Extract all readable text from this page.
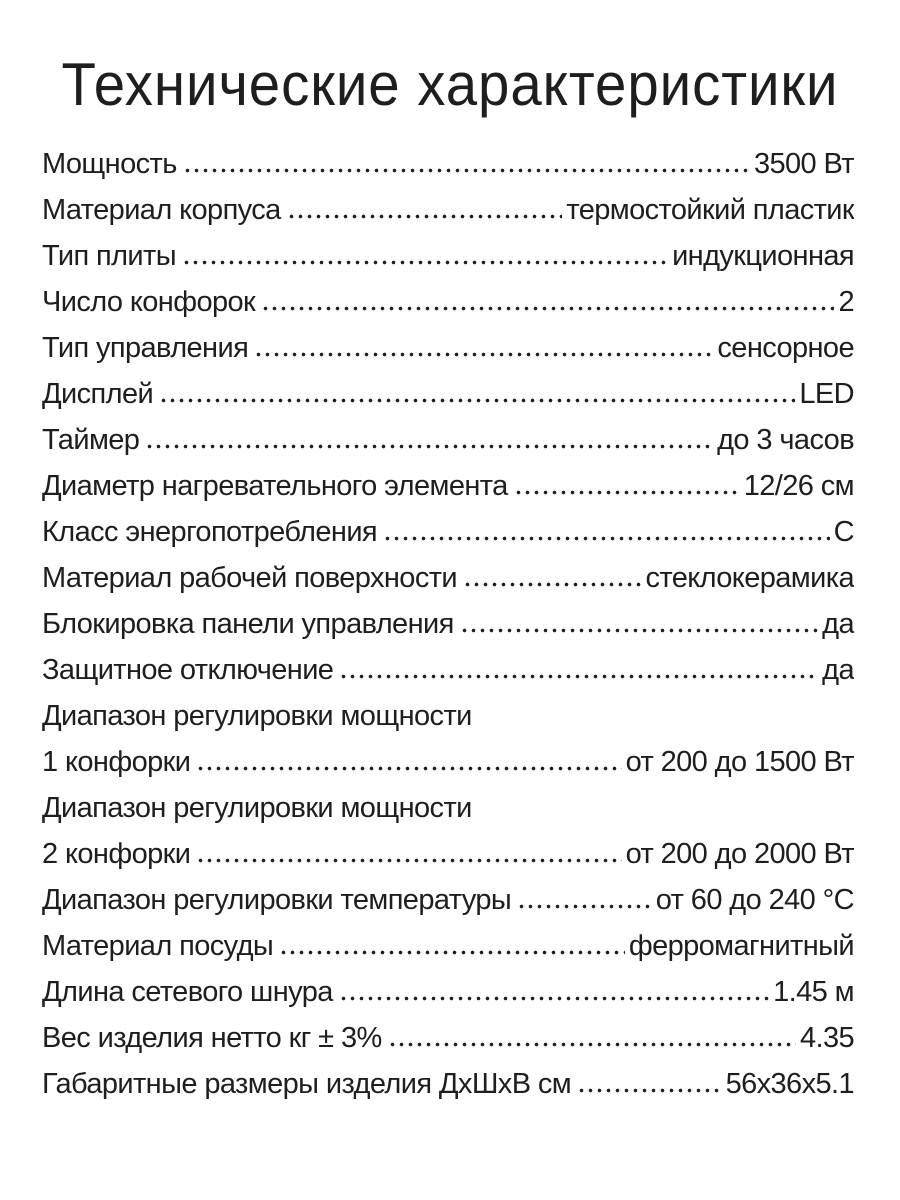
Технические характеристики
Мощность	3500 Вт
Материал корпуса	термостойкий пластик
Тип плиты	индукционная
Число конфорок	2
Тип управления	сенсорное
Дисплей	LED
Таймер	до 3 часов
Диаметр нагревательного элемента	12/26 см
Класс энергопотребления	С
Материал рабочей поверхности	стеклокерамика
Блокировка панели управления	да
Защитное отключение	да
Диапазон регулировки мощности
1 конфорки	от 200 до 1500 Вт
Диапазон регулировки мощности
2 конфорки	от 200 до 2000 Вт
Диапазон регулировки температуры	от 60 до 240 °С
Материал посуды	ферромагнитный
Длина сетевого шнура	1.45 м
Вес изделия нетто кг ± 3%	4.35
Габаритные размеры изделия ДхШхВ см	56х36х5.1
